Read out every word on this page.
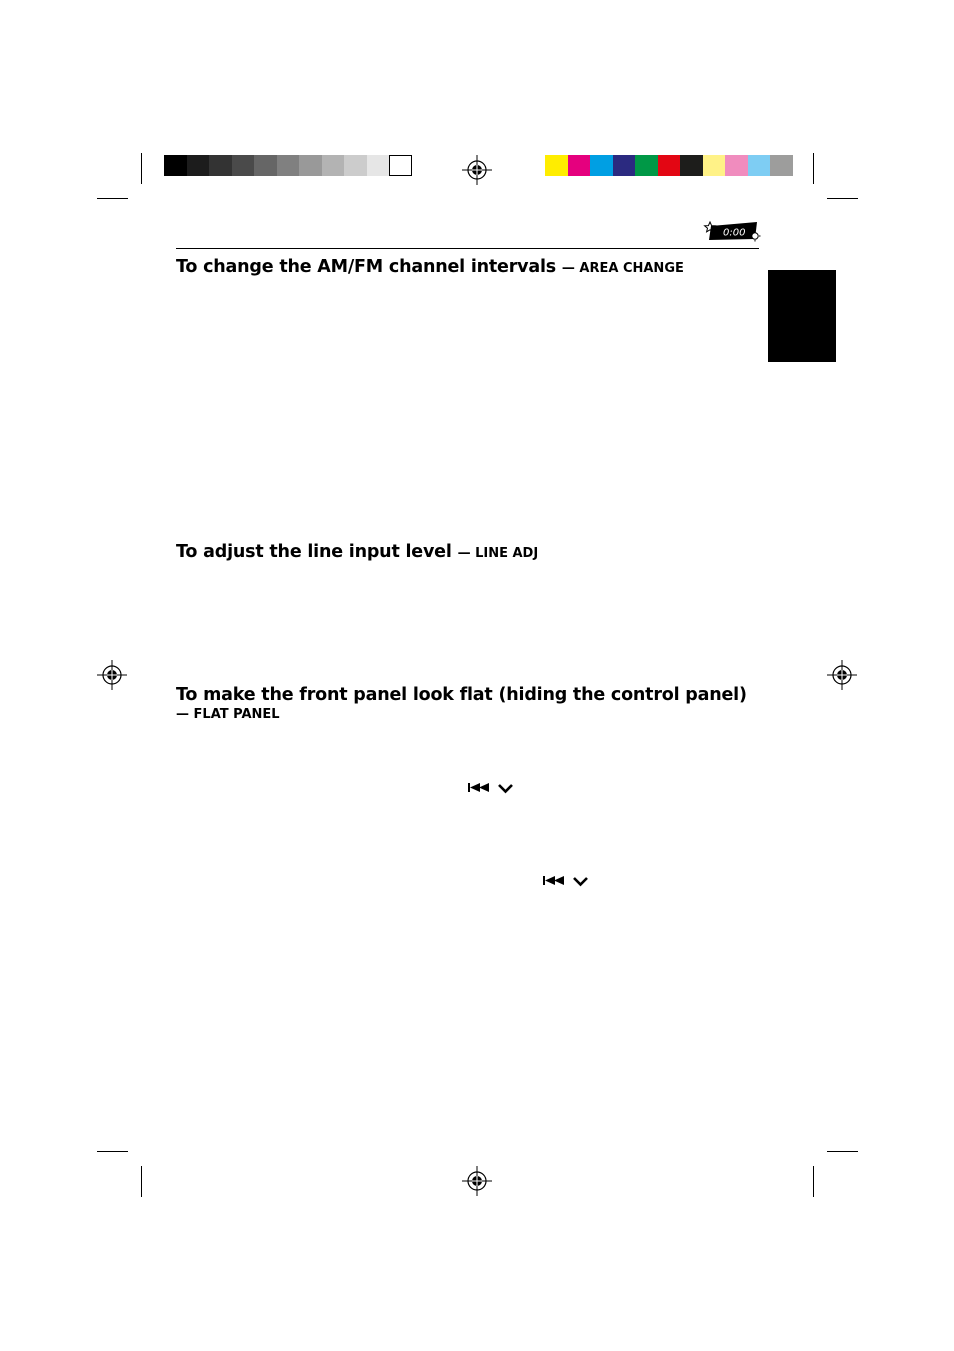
0:00
To change the AM/FM channel intervals — AREA CHANGE
To adjust the line input level — LINE ADJ
To make the front panel look flat (hiding the control panel)
— FLAT PANEL
